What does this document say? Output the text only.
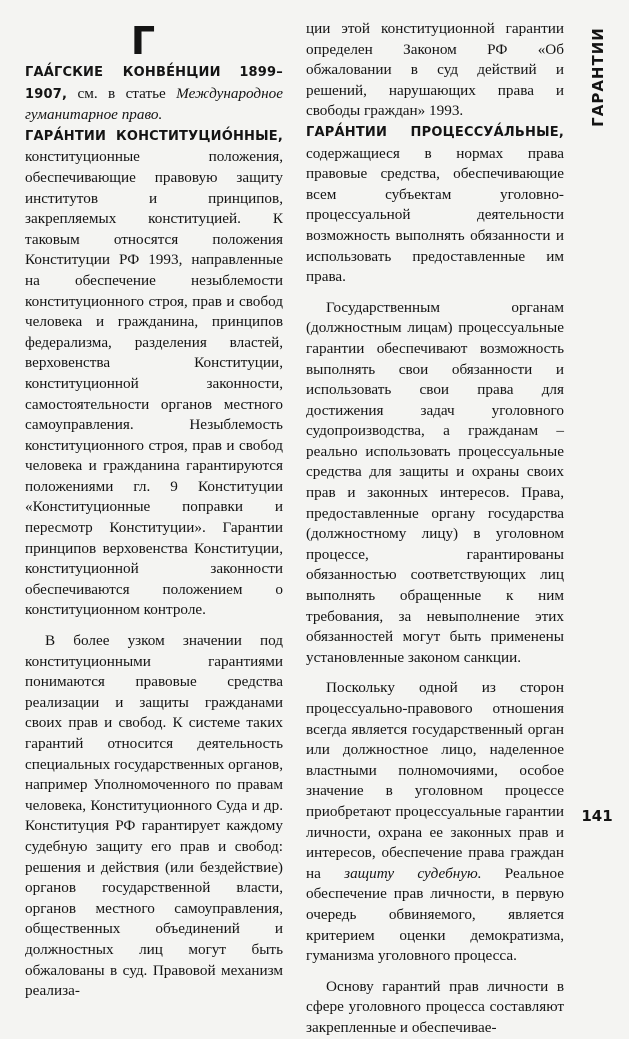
Г	ГАРАНТИИ

ГАА́ГСКИЕ КОНВЕ́НЦИИ 1899–1907, см. в статье Международное гуманитарное право.

ГАРА́НТИИ КОНСТИТУЦИО́ННЫЕ, конституционные положения, обеспечивающие правовую защиту институтов и принципов, закрепляемых конституцией. К таковым относятся положения Конституции РФ 1993, направленные на обеспечение незыблемости конституционного строя, прав и свобод человека и гражданина, принципов федерализма, разделения властей, верховенства Конституции, конституционной законности, самостоятельности органов местного самоуправления. Незыблемость конституционного строя, прав и свобод человека и гражданина гарантируются положениями гл. 9 Конституции «Конституционные поправки и пересмотр Конституции». Гарантии принципов верховенства Конституции, конституционной законности обеспечиваются положением о конституционном контроле.

В более узком значении под конституционными гарантиями понимаются правовые средства реализации и защиты гражданами своих прав и свобод. К системе таких гарантий относится деятельность специальных государственных органов, например Уполномоченного по правам человека, Конституционного Суда и др. Конституция РФ гарантирует каждому судебную защиту его прав и свобод: решения и действия (или бездействие) органов государственной власти, органов местного самоуправления, общественных объединений и должностных лиц могут быть обжалованы в суд. Правовой механизм реализа-

ции этой конституционной гарантии определен Законом РФ «Об обжаловании в суд действий и решений, нарушающих права и свободы граждан» 1993.

ГАРА́НТИИ ПРОЦЕССУА́ЛЬНЫЕ, содержащиеся в нормах права правовые средства, обеспечивающие всем субъектам уголовно-процессуальной деятельности возможность выполнять обязанности и использовать предоставленные им права.

Государственным органам (должностным лицам) процессуальные гарантии обеспечивают возможность выполнять свои обязанности и использовать свои права для достижения задач уголовного судопроизводства, а гражданам – реально использовать процессуальные средства для защиты и охраны своих прав и законных интересов. Права, предоставленные органу государства (должностному лицу) в уголовном процессе, гарантированы обязанностью соответствующих лиц выполнять обращенные к ним требования, за невыполнение этих обязанностей могут быть применены установленные законом санкции.

Поскольку одной из сторон процессуально-правового отношения всегда является государственный орган или должностное лицо, наделенное властными полномочиями, особое значение в уголовном процессе приобретают процессуальные гарантии личности, охрана ее законных прав и интересов, обеспечение права граждан на защиту судебную. Реальное обеспечение прав личности, в первую очередь обвиняемого, является критерием оценки демократизма, гуманизма уголовного процесса.

Основу гарантий прав личности в сфере уголовного процесса составляют закрепленные и обеспечивае-

141
